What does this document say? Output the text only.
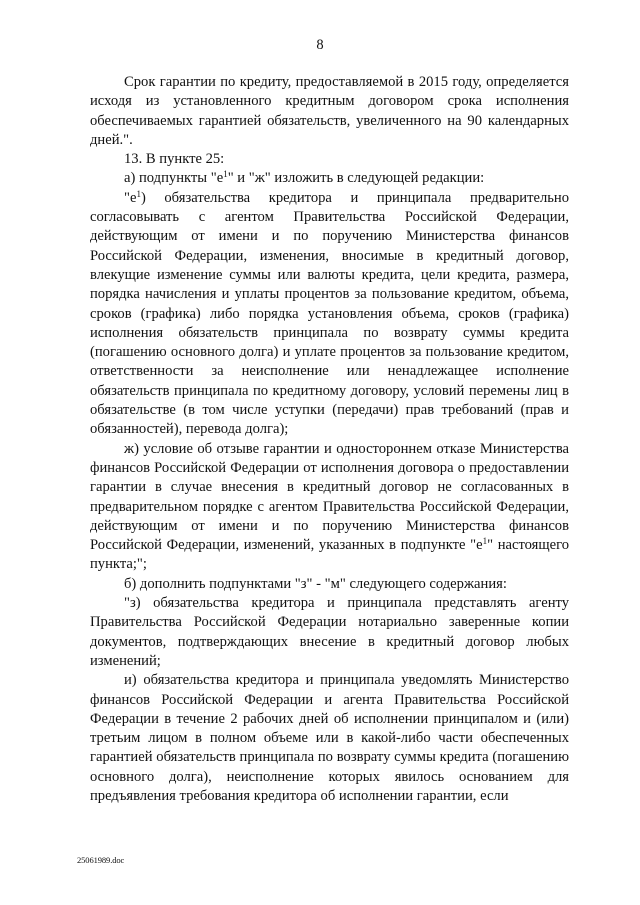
8

Срок гарантии по кредиту, предоставляемой в 2015 году, определяется исходя из установленного кредитным договором срока исполнения обеспечиваемых гарантией обязательств, увеличенного на 90 календарных дней.".

13. В пункте 25:

а) подпункты "$е^1$" и "ж" изложить в следующей редакции:

"$е^1$) обязательства кредитора и принципала предварительно согласовывать с агентом Правительства Российской Федерации, действующим от имени и по поручению Министерства финансов Российской Федерации, изменения, вносимые в кредитный договор, влекущие изменение суммы или валюты кредита, цели кредита, размера, порядка начисления и уплаты процентов за пользование кредитом, объема, сроков (графика) либо порядка установления объема, сроков (графика) исполнения обязательств принципала по возврату суммы кредита (погашению основного долга) и уплате процентов за пользование кредитом, ответственности за неисполнение или ненадлежащее исполнение обязательств принципала по кредитному договору, условий перемены лиц в обязательстве (в том числе уступки (передачи) прав требований (прав и обязанностей), перевода долга);

ж) условие об отзыве гарантии и одностороннем отказе Министерства финансов Российской Федерации от исполнения договора о предоставлении гарантии в случае внесения в кредитный договор не согласованных в предварительном порядке с агентом Правительства Российской Федерации, действующим от имени и по поручению Министерства финансов Российской Федерации, изменений, указанных в подпункте "$е^1$" настоящего пункта;";

б) дополнить подпунктами "з" - "м" следующего содержания:

"з) обязательства кредитора и принципала представлять агенту Правительства Российской Федерации нотариально заверенные копии документов, подтверждающих внесение в кредитный договор любых изменений;

и) обязательства кредитора и принципала уведомлять Министерство финансов Российской Федерации и агента Правительства Российской Федерации в течение 2 рабочих дней об исполнении принципалом и (или) третьим лицом в полном объеме или в какой-либо части обеспеченных гарантией обязательств принципала по возврату суммы кредита (погашению основного долга), неисполнение которых явилось основанием для предъявления требования кредитора об исполнении гарантии, если

25061989.doc
